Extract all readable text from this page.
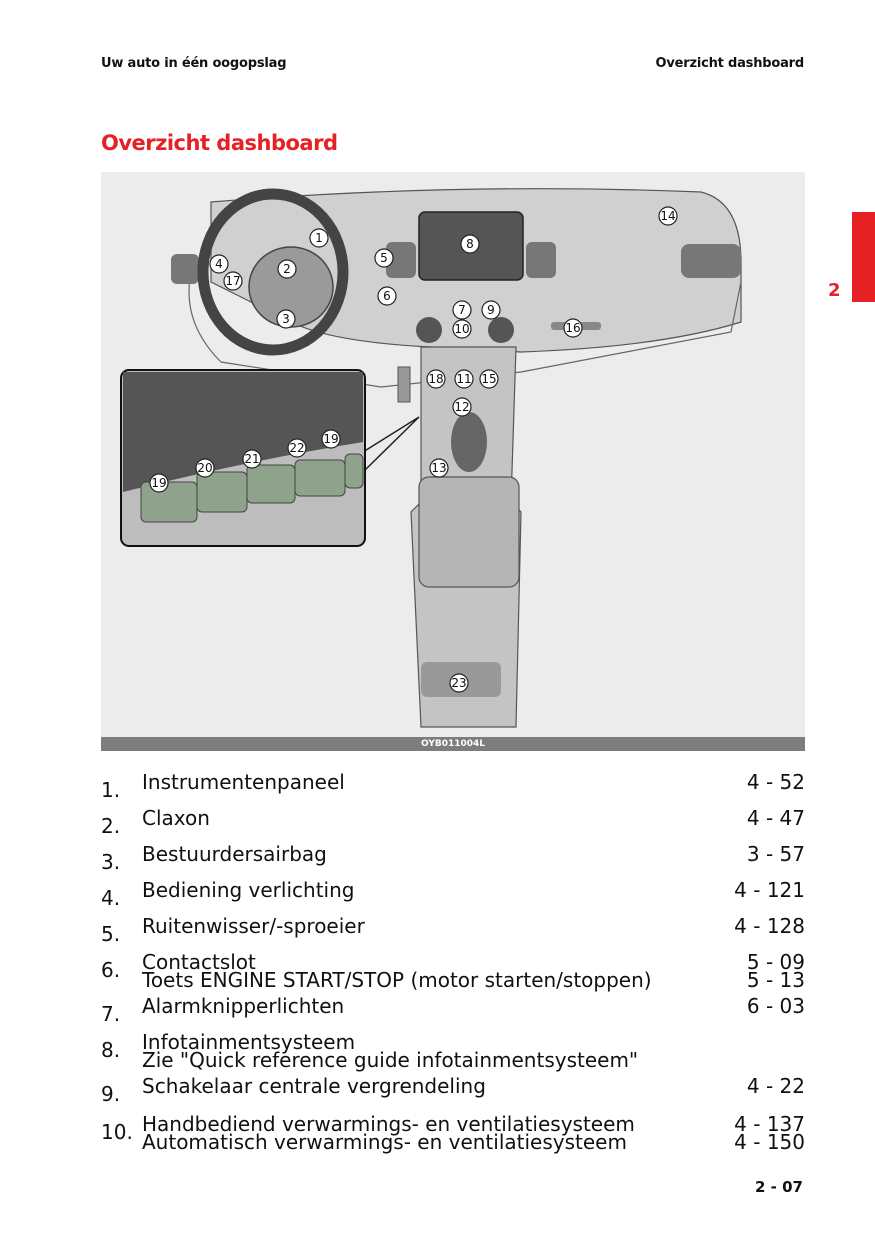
Uw auto in één oogopslag	Overzicht dashboard
Overzicht dashboard
2
1
2
3
4	5
6
7
8
9
10
11
12
13
14
15
16
17
18
19
20
21
22
19
23
OYB011004L
1. Instrumentenpaneel	4 - 52
2. Claxon	4 - 47
3. Bestuurdersairbag	3 - 57
4. Bediening verlichting	4 - 121
5. Ruitenwisser/-sproeier	4 - 128
6. Contactslot	5 - 09
Toets ENGINE START/STOP (motor starten/stoppen)	5 - 13
7. Alarmknipperlichten	6 - 03
8. Infotainmentsysteem
Zie "Quick reference guide infotainmentsysteem"
9. Schakelaar centrale vergrendeling	4 - 22
10. Handbediend verwarmings- en ventilatiesysteem	4 - 137
Automatisch verwarmings- en ventilatiesysteem	4 - 150
2 - 07
